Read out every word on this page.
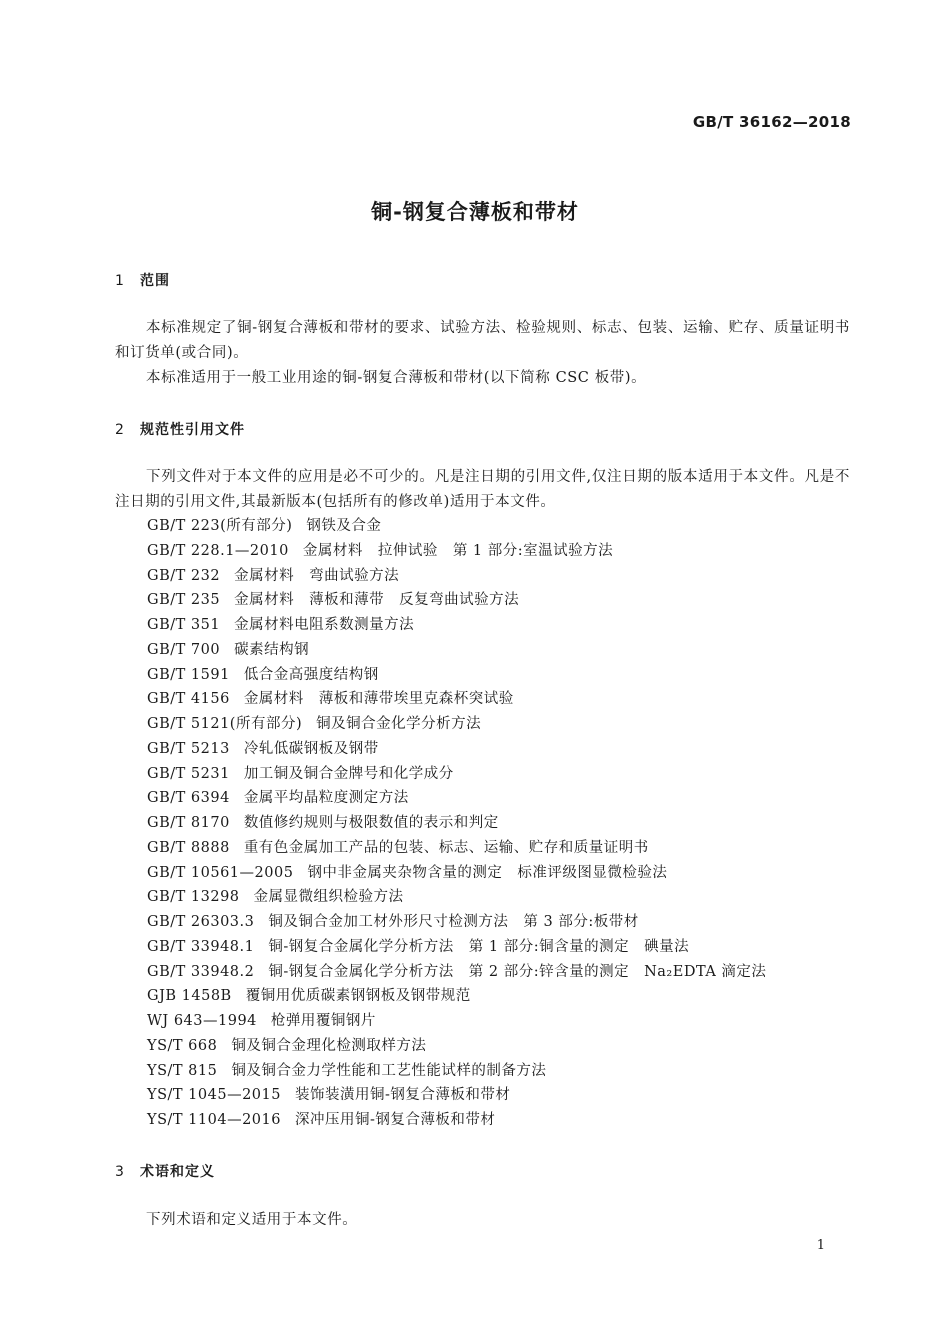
GB/T 36162—2018
铜-钢复合薄板和带材
1 范围

本标准规定了铜-钢复合薄板和带材的要求、试验方法、检验规则、标志、包装、运输、贮存、质量证明书和订货单(或合同)。

本标准适用于一般工业用途的铜-钢复合薄板和带材(以下简称 CSC 板带)。

2 规范性引用文件

下列文件对于本文件的应用是必不可少的。凡是注日期的引用文件,仅注日期的版本适用于本文件。凡是不注日期的引用文件,其最新版本(包括所有的修改单)适用于本文件。

GB/T 223(所有部分) 钢铁及合金
GB/T 228.1—2010 金属材料　拉伸试验　第 1 部分:室温试验方法
GB/T 232 金属材料　弯曲试验方法
GB/T 235 金属材料　薄板和薄带　反复弯曲试验方法
GB/T 351 金属材料电阻系数测量方法
GB/T 700 碳素结构钢
GB/T 1591 低合金高强度结构钢
GB/T 4156 金属材料　薄板和薄带埃里克森杯突试验
GB/T 5121(所有部分) 铜及铜合金化学分析方法
GB/T 5213 冷轧低碳钢板及钢带
GB/T 5231 加工铜及铜合金牌号和化学成分
GB/T 6394 金属平均晶粒度测定方法
GB/T 8170 数值修约规则与极限数值的表示和判定
GB/T 8888 重有色金属加工产品的包装、标志、运输、贮存和质量证明书
GB/T 10561—2005 钢中非金属夹杂物含量的测定　标准评级图显微检验法
GB/T 13298 金属显微组织检验方法
GB/T 26303.3 铜及铜合金加工材外形尺寸检测方法　第 3 部分:板带材
GB/T 33948.1 铜-钢复合金属化学分析方法　第 1 部分:铜含量的测定　碘量法
GB/T 33948.2 铜-钢复合金属化学分析方法　第 2 部分:锌含量的测定　Na₂EDTA 滴定法
GJB 1458B 覆铜用优质碳素钢钢板及钢带规范
WJ 643—1994 枪弹用覆铜钢片
YS/T 668 铜及铜合金理化检测取样方法
YS/T 815 铜及铜合金力学性能和工艺性能试样的制备方法
YS/T 1045—2015 装饰装潢用铜-钢复合薄板和带材
YS/T 1104—2016 深冲压用铜-钢复合薄板和带材
3 术语和定义

下列术语和定义适用于本文件。

1
